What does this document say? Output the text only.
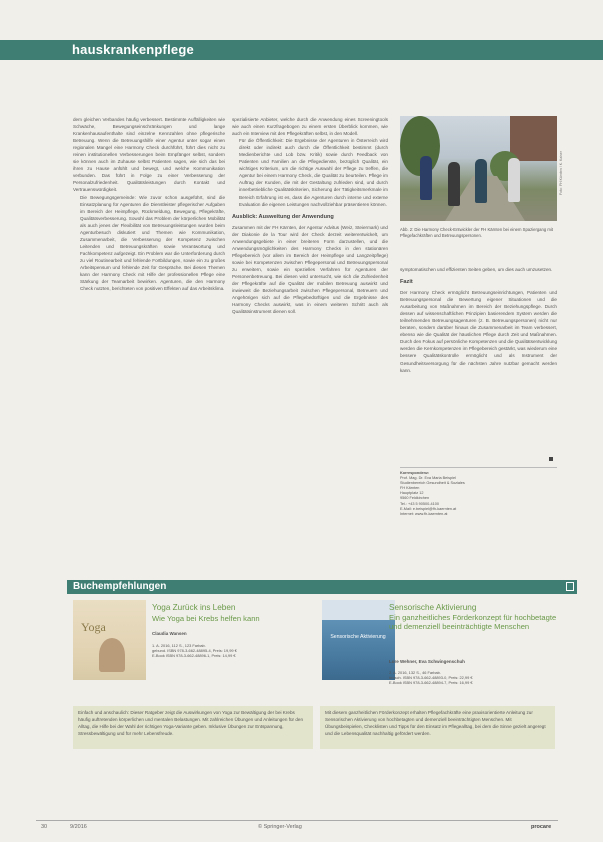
hauskrankenpflege

dem gleichen Verbandes häufig verbessert. Bestimmte Auffälligkeiten wie Schwäche, Bewegungseinschränkungen und lange Krankenhausaufenthalte sind einzelne Kennzahlen ohne pflegerische Betreuung. Wenn die Betreuungshilfe einer Agentur unter sogar einen regionalen Mangel eine Harmony Check durchführt, führt dies nicht zu reinen institutionellen Verbesserungen beim Empfänger selbst, sondern sie können auch im Zuhause selbst Patienten sagen, wie sich das bei ihren zu Hause anfühlt und bewegt, und welche Kommunikation verbunden. Das führt in Folge zu einer Verbesserung der Personalzufriedenheit. Qualitätsleistungen durch Kontakt und Vertrauenswürdigkeit.

• Die Bewegungsgemeinde: Wie zuvor schon ausgeführt, sind die Einsatzplanung für Agenturen die Dienstleister pflegerischer Aufgaben im Bereich der Heimpflege, Rückmeldung, Bewegung, Pflegekräfte, Qualitätsverbesserung. Sowohl das Problem der körperlichen Mobilität als auch jenes der Flexibilität von Betreuungsleistungen wurden beim Agenturbesuch diskutiert und Themen wie Kommunikation, Zusammenarbeit, die Verbesserung der Kompetenz zwischen Leitenden und Betreuungskräften sowie Verantwortung und Fachkompetenz aufgezeigt. Ein Problem war die Unterforderung durch zu viel Routinearbeit und fehlende Fortbildungen, sowie ein zu großes Arbeitspensum und fehlende Zeit für Gespräche. Bei diesen Themen kann der Harmony Check mit Hilfe der professionellen Pflege eine Stärkung der Teamarbeit bewirken. Agenturen, die den Harmony Check nutzten, berichteten von positiven Effekten auf das Arbeitsklima.

spezialisierte Anbieter, welche durch die Anwendung eines Screeningtools wie auch einen Kurzfragebogen zu einem ersten Überblick kommen, wie auch ein Interview mit den Pflegekräften selbst, in den Modell.

• Für die Öffentlichkeit: Die Ergebnisse der Agenturen in Österreich wird direkt oder indirekt auch durch die Öffentlichkeit bestimmt (durch Medienberichte und Lob bzw. Kritik) sowie durch Feedback von Patienten und Familien an die Pflegedienste, bezüglich Qualität, ein wichtiges Kriterium, um die richtige Auswahl der Pflege zu treffen, die Agentur bei einem Harmony Check, die Qualität zu beurteilen. Pflege im Auftrag der Kunden, die mit der Gestaltung zufrieden sind, und durch innerbetriebliche Qualitätskriterien, Sicherung der Tätigkeitsmerkmale im Bereich Erfahrung ist es, dass die Agenturen durch interne und externe Evaluation die eigenen Leistungen nachvollziehbar präsentieren können.
Ausblick: Ausweitung der Anwendung

Zusammen mit der FH Kärnten, der Agentur Advitus (Weiz, Steiermark) und der Diakonie de la Tour wird der Check derzeit weiterentwickelt, um Anwendungsgebiete in einer breiteren Form darzustellen, und die Anwendungsmöglichkeiten des Harmony Checks in den stationären Pflegebereich (vor allem im Bereich der Heimpflege und Langzeitpflege) sowie bei Kompetenzen zwischen Pflegepersonal und Betreuungspersonal zu erweitern, sowie ein spezielles Verfahren für Agenturen der Personenbetreuung. Bei diesen wird untersucht, wie sich die Zufriedenheit der Pflegekräfte auf die Qualität der mobilen Betreuung auswirkt und inwieweit die Beziehungsarbeit zwischen Pflegepersonal, Betreuern und Angehörigen sich auf die Pflegebedürftigen und die Ergebnisse des Harmony Checks auswirkt, was in einem weiteren Schritt auch als Qualitätsinstrument dienen soll.

Foto: FH Kärnten / K. Kaiser
Abb. 2: Die Harmony Check-Entwickler der FH Kärnten bei einem Spaziergang mit Pflegefachkräften und Betreuungspersonen.

symptomatischen und effizienten Seiten geben, um dies auch umzusetzen.

Fazit

Der Harmony Check ermöglicht Betreuungseinrichtungen, Patienten und Betreuungspersonal die Bewertung eigener Situationen und die Ausarbeitung von Maßnahmen im Bereich der Beziehungspflege. Durch dessen auf wissenschaftlichen Prinzipien basierendem System werden die teilnehmenden Betreuungsagenturen (z. B. Betreuungspersonen) nicht nur beraten, sondern darüber hinaus die Zusammenarbeit im Team verbessert, ebenso wie die Qualität der häuslichen Pflege durch Zeit und Maßnahmen. Durch den Fokus auf persönliche Kompetenzen und die Qualitätsentwicklung werden die Kernkompetenzen im Pflegebereich gestärkt, was wiederum eine bessere Qualitätskontrolle ermöglicht und als Instrument der Gesundheitsversorgung für die nächsten Jahre nutzbar gemacht werden kann.

Korrespondenz:
Prof. Mag. Dr. Eva Maria Beispiel
Studienbereich Gesundheit & Soziales
FH Kärnten
Hauptplatz 12
9560 Feldkirchen
Tel.: +43 5 90500-4100
E-Mail: e.beispiel@fh-kaernten.at
Internet: www.fh-kaernten.at
Buchempfehlungen
Yoga
Yoga Zurück ins Leben
Wie Yoga bei Krebs helfen kann
Claudia Wansen
1. A. 2016, 112 S., 123 Farbab.
gebund. ISBN 978-3-662-48895-4, Preis: 19,99 €
E-Book ISBN 978-3-662-48896-1, Preis: 14,99 €
Sensorische Aktivierung
Sensorische Aktivierung
Ein ganzheitliches Förderkonzept für hochbetagte und demenziell beeinträchtigte Menschen
Lore Wehner, Eva Schwingenschuh
2. A. 2016, 132 S., 46 Farbab.
brosch. ISBN 978-3-662-48893-0, Preis: 22,99 €
E-Book ISBN 978-3-662-48894-7, Preis: 16,99 €
Einfach und anschaulich: Dieser Ratgeber zeigt die Auswirkungen von Yoga zur Bewältigung der bei Krebs häufig auftretenden körperlichen und mentalen Belastungen. Mit zahlreichen Übungen und Anleitungen für den Alltag, die Hilfe bei der Wahl der richtigen Yoga-Variante geben. Inklusive Übungen zur Entspannung, Stressbewältigung und für mehr Lebensfreude.
Mit diesem ganzheitlichen Förderkonzept erhalten Pflegefachkräfte eine praxisorientierte Anleitung zur Sensorischen Aktivierung von hochbetagten und demenziell beeinträchtigten Menschen. Mit Übungsbeispielen, Checklisten und Tipps für den Einsatz im Pflegealltag, bei dem die Sinne gezielt angeregt und die Lebensqualität nachhaltig gefördert werden.
30	9/2016	© Springer-Verlag	procare
